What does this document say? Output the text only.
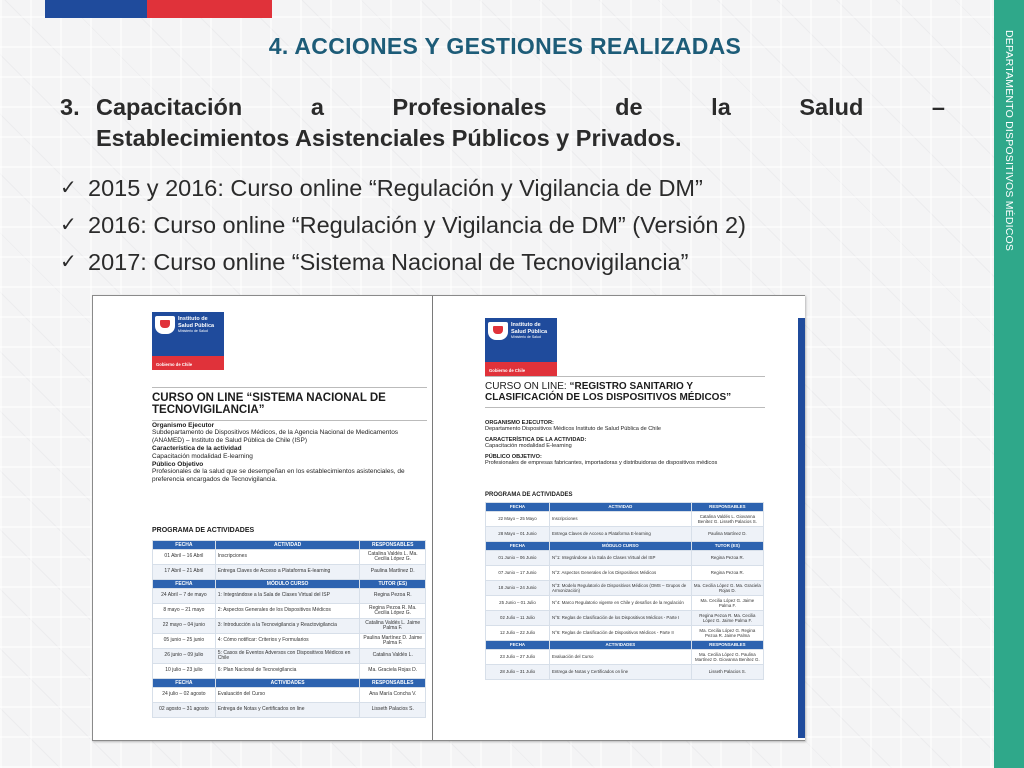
DEPARTAMENTO DISPOSITIVOS MÉDICOS
4. ACCIONES Y GESTIONES REALIZADAS
3. Capacitación	a	Profesionales	de	la	Salud	–
Establecimientos Asistenciales Públicos y Privados.
✓ 2015 y 2016: Curso online “Regulación y Vigilancia de DM”
✓ 2016: Curso online “Regulación y Vigilancia de DM” (Versión 2)
✓ 2017: Curso online “Sistema Nacional de Tecnovigilancia”
Instituto de Salud Pública
Ministerio de Salud
Gobierno de Chile
CURSO ON LINE “SISTEMA NACIONAL DE
TECNOVIGILANCIA”
Organismo Ejecutor
Subdepartamento de Dispositivos Médicos, de la Agencia Nacional de Medicamentos (ANAMED) – Instituto de Salud Pública de Chile (ISP)
Característica de la actividad
Capacitación modalidad E-learning
Público Objetivo
Profesionales de la salud que se desempeñan en los establecimientos asistenciales, de preferencia encargados de Tecnovigilancia.
PROGRAMA DE ACTIVIDADES
FECHA	ACTIVIDAD	RESPONSABLES
01 Abril – 16 Abril	Inscripciones	Catalina Valdés L. Ma. Cecilia López G.
17 Abril – 21 Abril	Entrega Claves de Acceso a Plataforma E-learning	Paulina Martínez D.
FECHA	MÓDULO CURSO	TUTOR (ES)
24 Abril – 7 de mayo	1: Integrándose a la Sala de Clases Virtual del ISP	Regina Pezoa R.
8 mayo – 21 mayo	2: Aspectos Generales de los Dispositivos Médicos	Regina Pezoa R. Ma. Cecilia López G.
22 mayo – 04 junio	3: Introducción a la Tecnovigilancia y Reactovigilancia	Catalina Valdés L. Jaime Palma F.
05 junio – 25 junio	4: Cómo notificar: Criterios y Formularios	Paulina Martínez D. Jaime Palma F.
26 junio – 09 julio	5: Casos de Eventos Adversos con Dispositivos Médicos en Chile	Catalina Valdés L.
10 julio – 23 julio	6: Plan Nacional de Tecnovigilancia	Ma. Graciela Rojas D.
FECHA	ACTIVIDADES	RESPONSABLES
24 julio – 02 agosto	Evaluación del Curso	Ana María Concha V.
02 agosto – 31 agosto	Entrega de Notas y Certificados on line	Lisseth Palacios S.
Instituto de Salud Pública
Ministerio de Salud
Gobierno de Chile
CURSO ON LINE: “REGISTRO SANITARIO Y
CLASIFICACIÓN DE LOS DISPOSITIVOS MÉDICOS”
ORGANISMO EJECUTOR:
Departamento Dispositivos Médicos Instituto de Salud Pública de Chile
CARACTERÍSTICA DE LA ACTIVIDAD:
Capacitación modalidad E-learning
PÚBLICO OBJETIVO:
Profesionales de empresas fabricantes, importadoras y distribuidoras de dispositivos médicos
PROGRAMA DE ACTIVIDADES
FECHA	ACTIVIDAD	RESPONSABLES
22 Mayo – 25 Mayo	Inscripciones	Catalina Valdés L. Giovanna Benítez G. Lisseth Palacios S.
28 Mayo – 01 Junio	Entrega Claves de Acceso a Plataforma E-learning	Paulina Martínez D.
FECHA	MÓDULO CURSO	TUTOR (ES)
01 Junio – 06 Junio	N°1: Integrándose a la Sala de Clases Virtual del ISP	Regina Pezoa R.
07 Junio – 17 Junio	N°2: Aspectos Generales de los Dispositivos Médicos	Regina Pezoa R.
18 Junio – 24 Junio	N°3: Modelo Regulatorio de Dispositivos Médicos (OMS – Grupos de Armonización)	Ma. Cecilia López G. Ma. Graciela Rojas D.
25 Junio – 01 Julio	N°4: Marco Regulatorio vigente en Chile y desafíos de la regulación	Ma. Cecilia López G. Jaime Palma F.
02 Julio – 11 Julio	N°5: Reglas de Clasificación de los Dispositivos Médicos - Parte I	Regina Pezoa R. Ma. Cecilia López G. Jaime Palma F.
12 Julio – 22 Julio	N°6: Reglas de Clasificación de Dispositivos Médicos - Parte II	Ma. Cecilia López G. Regina Pezoa R. Jaime Palma
FECHA	ACTIVIDADES	RESPONSABLES
23 Julio – 27 Julio	Evaluación del Curso	Ma. Cecilia López G. Paulina Martínez D. Giovanna Benítez G.
28 Julio – 31 Julio	Entrega de Notas y Certificados on line	Lisseth Palacios S.
